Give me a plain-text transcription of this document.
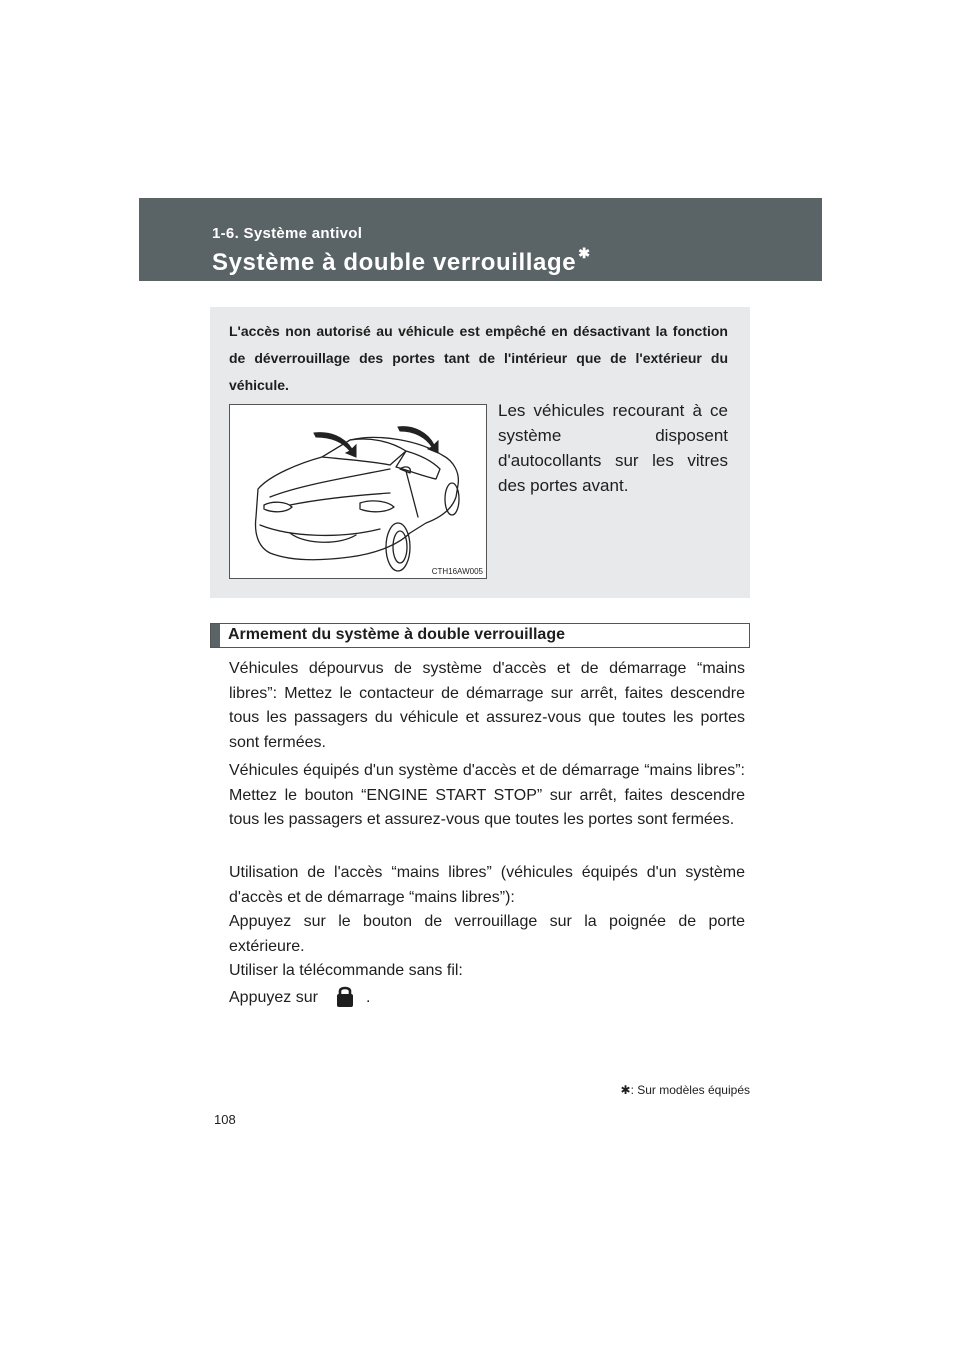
1-6. Système antivol
Système à double verrouillage ✱
L'accès non autorisé au véhicule est empêché en désactivant la fonction de déverrouillage des portes tant de l'intérieur que de l'extérieur du véhicule.
CTH16AW005
Les véhicules recourant à ce système disposent d'autocollants sur les vitres des portes avant.
Armement du système à double verrouillage
Véhicules dépourvus de système d'accès et de démarrage “mains libres”: Mettez le contacteur de démarrage sur arrêt, faites descendre tous les passagers du véhicule et assurez-vous que toutes les portes sont fermées.
Véhicules équipés d'un système d'accès et de démarrage “mains libres”: Mettez le bouton “ENGINE START STOP” sur arrêt, faites descendre tous les passagers et assurez-vous que toutes les portes sont fermées.
Utilisation de l'accès “mains libres” (véhicules équipés d'un système d'accès et de démarrage “mains libres”):
Appuyez sur le bouton de verrouillage sur la poignée de porte extérieure.
Utiliser la télécommande sans fil:
Appuyez sur	.
✱: Sur modèles équipés
108
